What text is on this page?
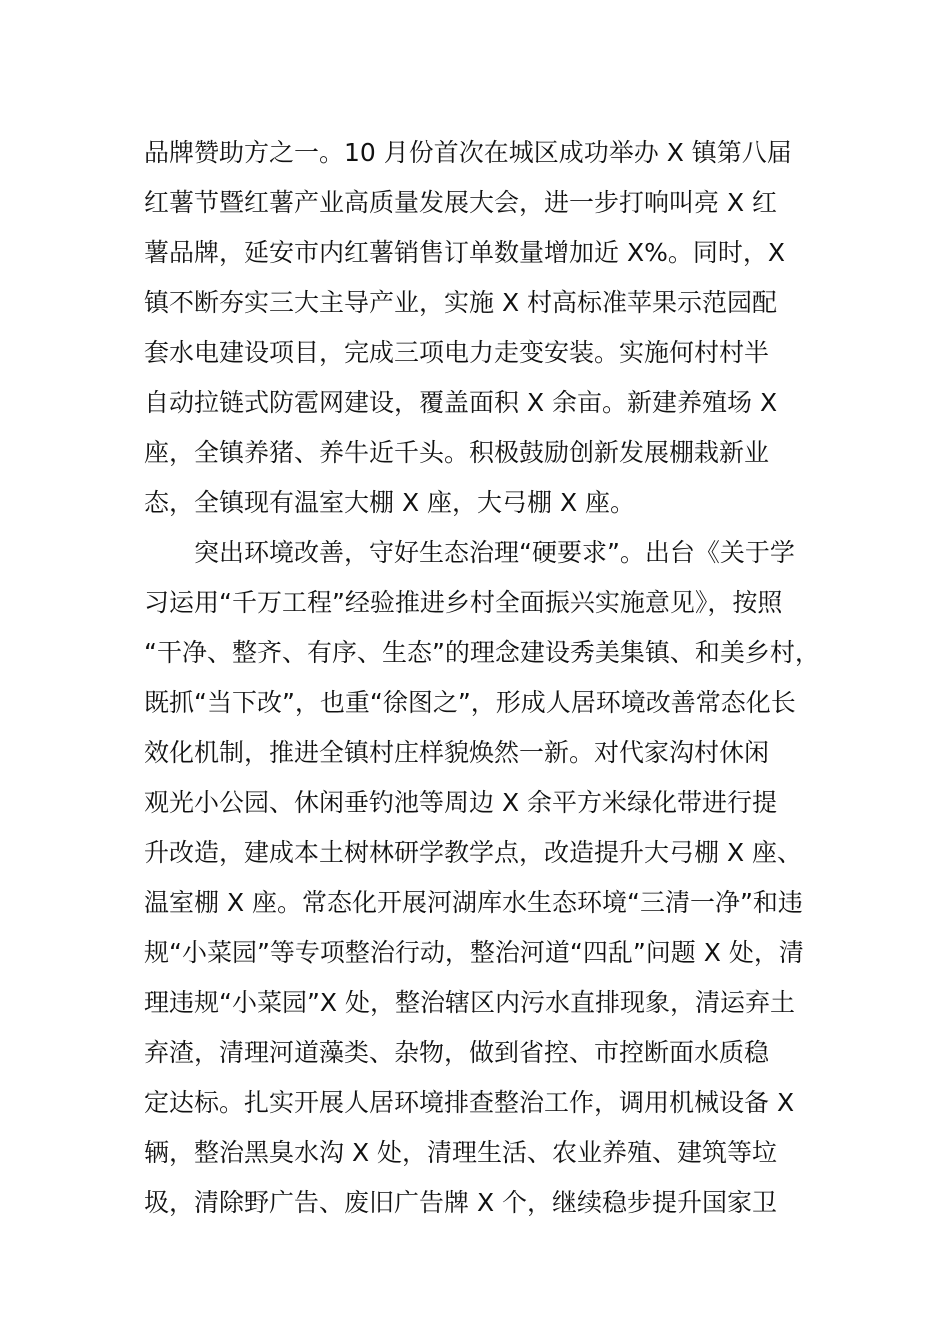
品牌赞助方之一。10 月份首次在城区成功举办 X 镇第八届
红薯节暨红薯产业高质量发展大会，进一步打响叫亮 X 红
薯品牌，延安市内红薯销售订单数量增加近 X%。同时，X
镇不断夯实三大主导产业，实施 X 村高标准苹果示范园配
套水电建设项目，完成三项电力走变安装。实施何村村半
自动拉链式防雹网建设，覆盖面积 X 余亩。新建养殖场 X
座，全镇养猪、养牛近千头。积极鼓励创新发展棚栽新业
态，全镇现有温室大棚 X 座，大弓棚 X 座。
　　突出环境改善，守好生态治理“硬要求”。出台《关于学
习运用“千万工程”经验推进乡村全面振兴实施意见》，按照
“干净、整齐、有序、生态”的理念建设秀美集镇、和美乡村，
既抓“当下改”，也重“徐图之”，形成人居环境改善常态化长
效化机制，推进全镇村庄样貌焕然一新。对代家沟村休闲
观光小公园、休闲垂钓池等周边 X 余平方米绿化带进行提
升改造，建成本土树林研学教学点，改造提升大弓棚 X 座、
温室棚 X 座。常态化开展河湖库水生态环境“三清一净”和违
规“小菜园”等专项整治行动，整治河道“四乱”问题 X 处，清
理违规“小菜园”X 处，整治辖区内污水直排现象，清运弃土
弃渣，清理河道藻类、杂物，做到省控、市控断面水质稳
定达标。扎实开展人居环境排查整治工作，调用机械设备 X
辆，整治黑臭水沟 X 处，清理生活、农业养殖、建筑等垃
圾，清除野广告、废旧广告牌 X 个，继续稳步提升国家卫
